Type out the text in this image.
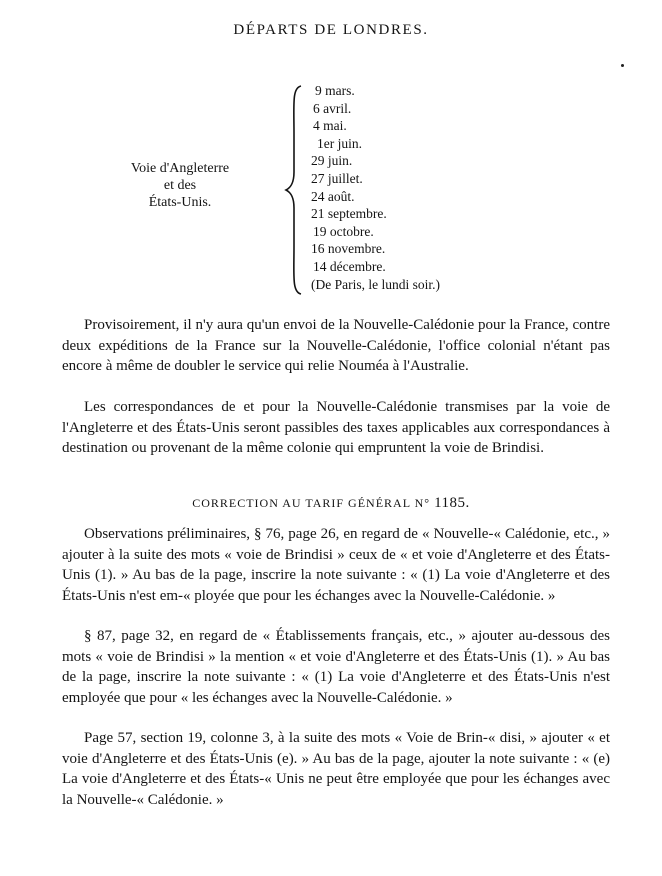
DÉPARTS DE LONDRES.
Voie d'Angleterre
et des
États-Unis.
9 mars.
6 avril.
4 mai.
1er juin.
29 juin.
27 juillet.
24 août.
21 septembre.
19 octobre.
16 novembre.
14 décembre.
(De Paris, le lundi soir.)
Provisoirement, il n'y aura qu'un envoi de la Nouvelle-Calédonie pour la France, contre deux expéditions de la France sur la Nouvelle-Calédonie, l'office colonial n'étant pas encore à même de doubler le service qui relie Nouméa à l'Australie.
Les correspondances de et pour la Nouvelle-Calédonie transmises par la voie de l'Angleterre et des États-Unis seront passibles des taxes applicables aux correspondances à destination ou provenant de la même colonie qui empruntent la voie de Brindisi.
CORRECTION AU TARIF GÉNÉRAL N° 1185.
Observations préliminaires, § 76, page 26, en regard de « Nouvelle-« Calédonie, etc., » ajouter à la suite des mots « voie de Brindisi » ceux de « et voie d'Angleterre et des États-Unis (1). » Au bas de la page, inscrire la note suivante : « (1) La voie d'Angleterre et des États-Unis n'est em-« ployée que pour les échanges avec la Nouvelle-Calédonie. »
§ 87, page 32, en regard de « Établissements français, etc., » ajouter au-dessous des mots « voie de Brindisi » la mention « et voie d'Angleterre et des États-Unis (1). » Au bas de la page, inscrire la note suivante : « (1) La voie d'Angleterre et des États-Unis n'est employée que pour « les échanges avec la Nouvelle-Calédonie. »
Page 57, section 19, colonne 3, à la suite des mots « Voie de Brin-« disi, » ajouter « et voie d'Angleterre et des États-Unis (e). » Au bas de la page, ajouter la note suivante : « (e) La voie d'Angleterre et des États-« Unis ne peut être employée que pour les échanges avec la Nouvelle-« Calédonie. »
